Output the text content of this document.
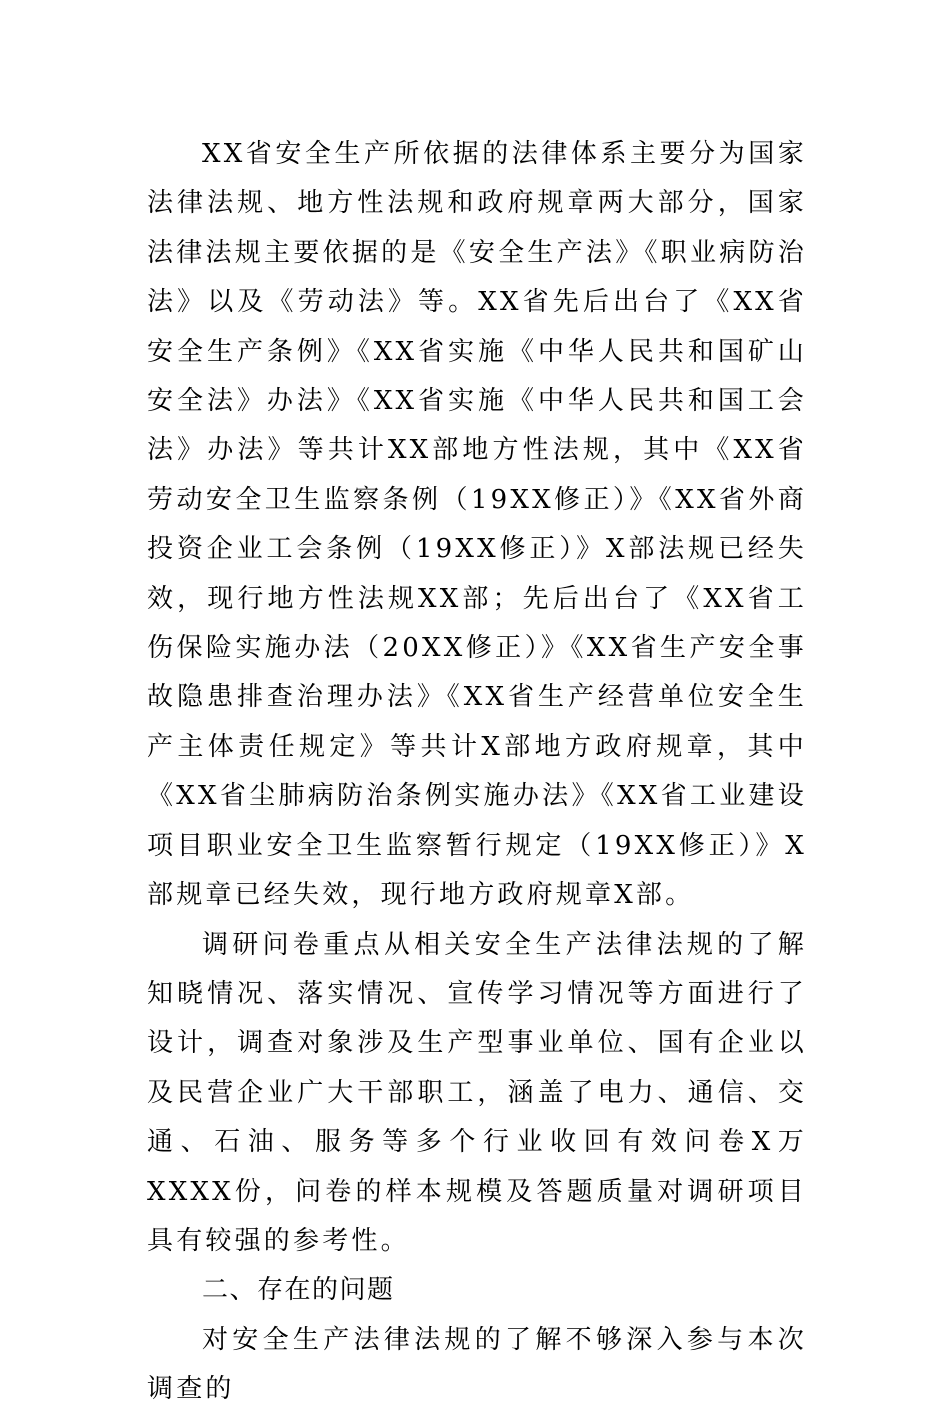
XX省安全生产所依据的法律体系主要分为国家法律法规、地方性法规和政府规章两大部分，国家法律法规主要依据的是《安全生产法》《职业病防治法》以及《劳动法》等。XX省先后出台了《XX省安全生产条例》《XX省实施《中华人民共和国矿山安全法》办法》《XX省实施《中华人民共和国工会法》办法》等共计XX部地方性法规，其中《XX省劳动安全卫生监察条例（19XX修正）》《XX省外商投资企业工会条例（19XX修正）》X部法规已经失效，现行地方性法规XX部；先后出台了《XX省工伤保险实施办法（20XX修正）》《XX省生产安全事故隐患排查治理办法》《XX省生产经营单位安全生产主体责任规定》等共计X部地方政府规章，其中《XX省尘肺病防治条例实施办法》《XX省工业建设项目职业安全卫生监察暂行规定（19XX修正）》X部规章已经失效，现行地方政府规章X部。

调研问卷重点从相关安全生产法律法规的了解知晓情况、落实情况、宣传学习情况等方面进行了设计，调查对象涉及生产型事业单位、国有企业以及民营企业广大干部职工，涵盖了电力、通信、交通、石油、服务等多个行业收回有效问卷X万XXXX份，问卷的样本规模及答题质量对调研项目具有较强的参考性。

二、存在的问题

对安全生产法律法规的了解不够深入参与本次调查的
